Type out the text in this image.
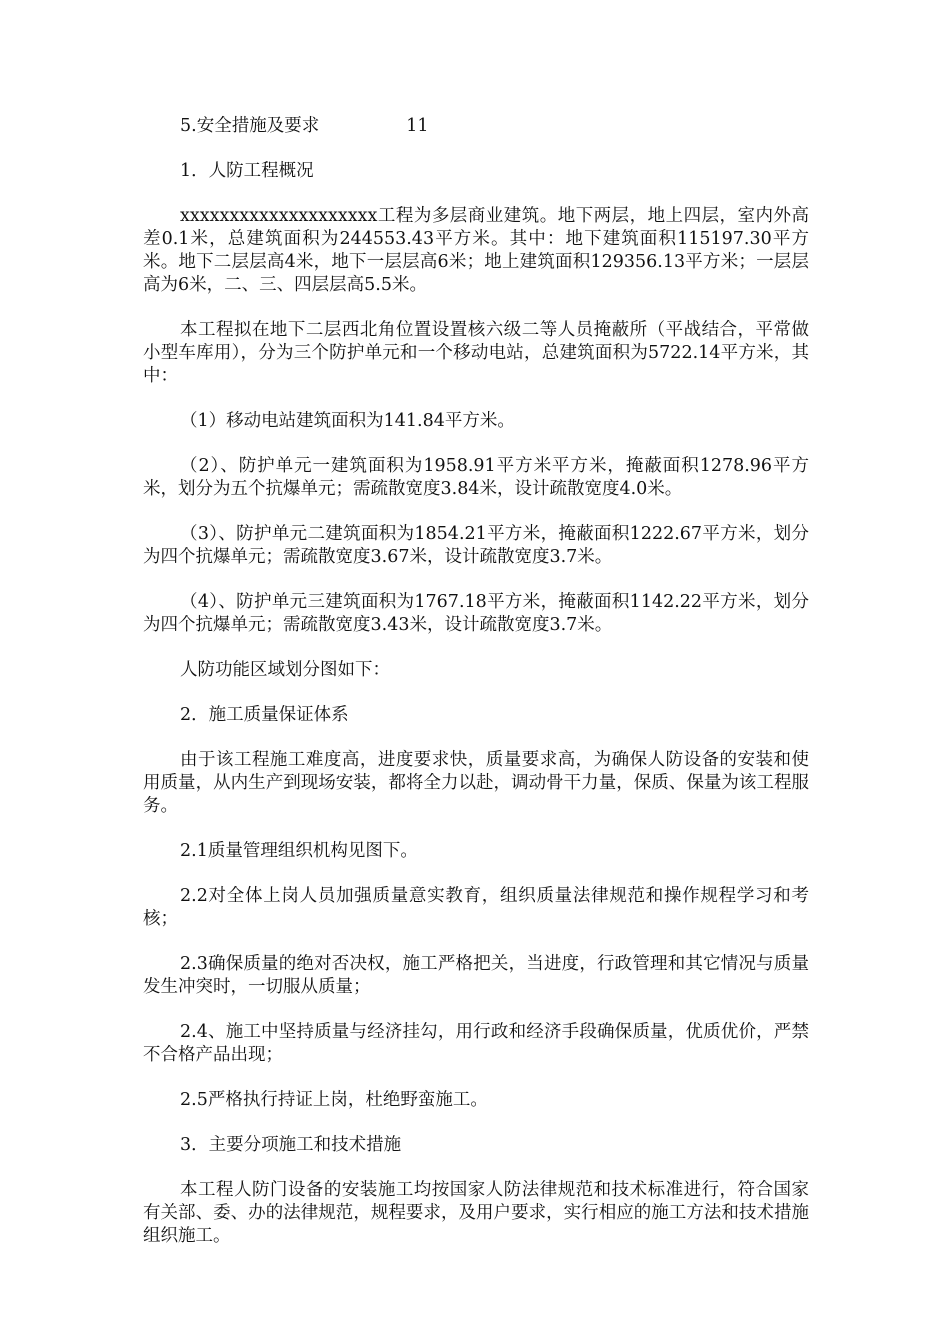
5.安全措施及要求	11

1．人防工程概况

xxxxxxxxxxxxxxxxxxxx工程为多层商业建筑。地下两层，地上四层，室内外高差0.1米，总建筑面积为244553.43平方米。其中：地下建筑面积115197.30平方米。地下二层层高4米，地下一层层高6米；地上建筑面积129356.13平方米；一层层高为6米，二、三、四层层高5.5米。

本工程拟在地下二层西北角位置设置核六级二等人员掩蔽所（平战结合，平常做小型车库用），分为三个防护单元和一个移动电站，总建筑面积为5722.14平方米，其中：

（1）移动电站建筑面积为141.84平方米。

（2）、防护单元一建筑面积为1958.91平方米平方米，掩蔽面积1278.96平方米，划分为五个抗爆单元；需疏散宽度3.84米，设计疏散宽度4.0米。

（3）、防护单元二建筑面积为1854.21平方米，掩蔽面积1222.67平方米，划分为四个抗爆单元；需疏散宽度3.67米，设计疏散宽度3.7米。

（4）、防护单元三建筑面积为1767.18平方米，掩蔽面积1142.22平方米，划分为四个抗爆单元；需疏散宽度3.43米，设计疏散宽度3.7米。

人防功能区域划分图如下：

2．施工质量保证体系

由于该工程施工难度高，进度要求快，质量要求高，为确保人防设备的安装和使用质量，从内生产到现场安装，都将全力以赴，调动骨干力量，保质、保量为该工程服务。

2.1质量管理组织机构见图下。

2.2对全体上岗人员加强质量意实教育，组织质量法律规范和操作规程学习和考核；

2.3确保质量的绝对否决权，施工严格把关，当进度，行政管理和其它情况与质量发生冲突时，一切服从质量；

2.4、施工中坚持质量与经济挂勾，用行政和经济手段确保质量，优质优价，严禁不合格产品出现；

2.5严格执行持证上岗，杜绝野蛮施工。

3．主要分项施工和技术措施

本工程人防门设备的安装施工均按国家人防法律规范和技术标准进行，符合国家有关部、委、办的法律规范，规程要求，及用户要求，实行相应的施工方法和技术措施组织施工。
